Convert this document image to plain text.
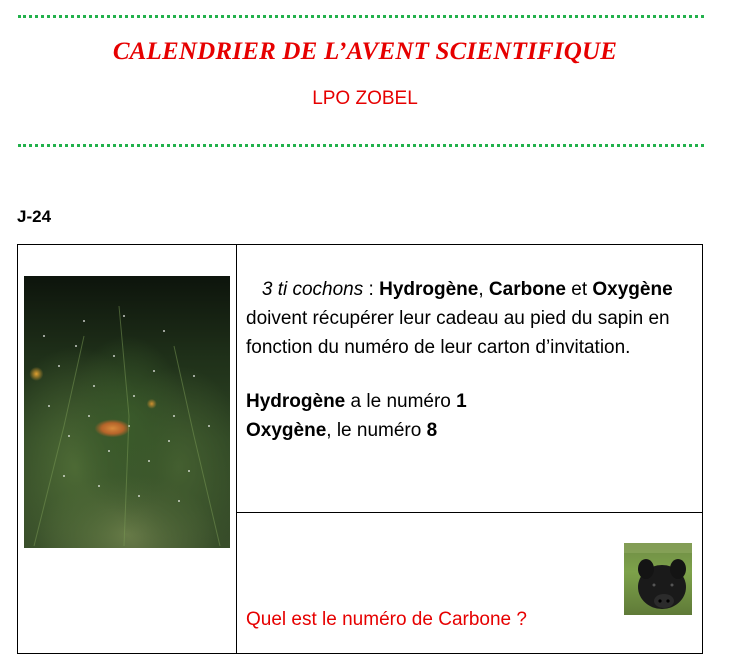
CALENDRIER DE L’AVENT SCIENTIFIQUE
LPO ZOBEL
J-24

3 ti cochons : Hydrogène, Carbone et Oxygène doivent récupérer leur cadeau au pied du sapin en fonction du numéro de leur carton d’invitation.

Hydrogène a le numéro 1

Oxygène, le numéro 8

Quel est le numéro de Carbone ?
